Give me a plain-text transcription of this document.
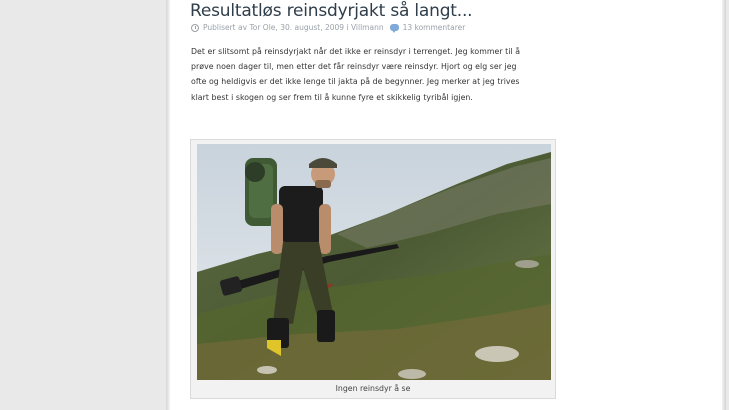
Resultatløs reinsdyrjakt så langt...
Publisert av
Tor Ole , 30. august, 2009
i
Villmann	13 kommentarer

Det er slitsomt på reinsdyrjakt når det ikke er reinsdyr i terrenget. Jeg kommer til å

prøve noen dager til, men etter det får reinsdyr være reinsdyr. Hjort og elg ser jeg

ofte og heldigvis er det ikke lenge til jakta på de begynner. Jeg merker at jeg trives

klart best i skogen og ser frem til å kunne fyre et skikkelig tyribål igjen.

Ingen reinsdyr å se
